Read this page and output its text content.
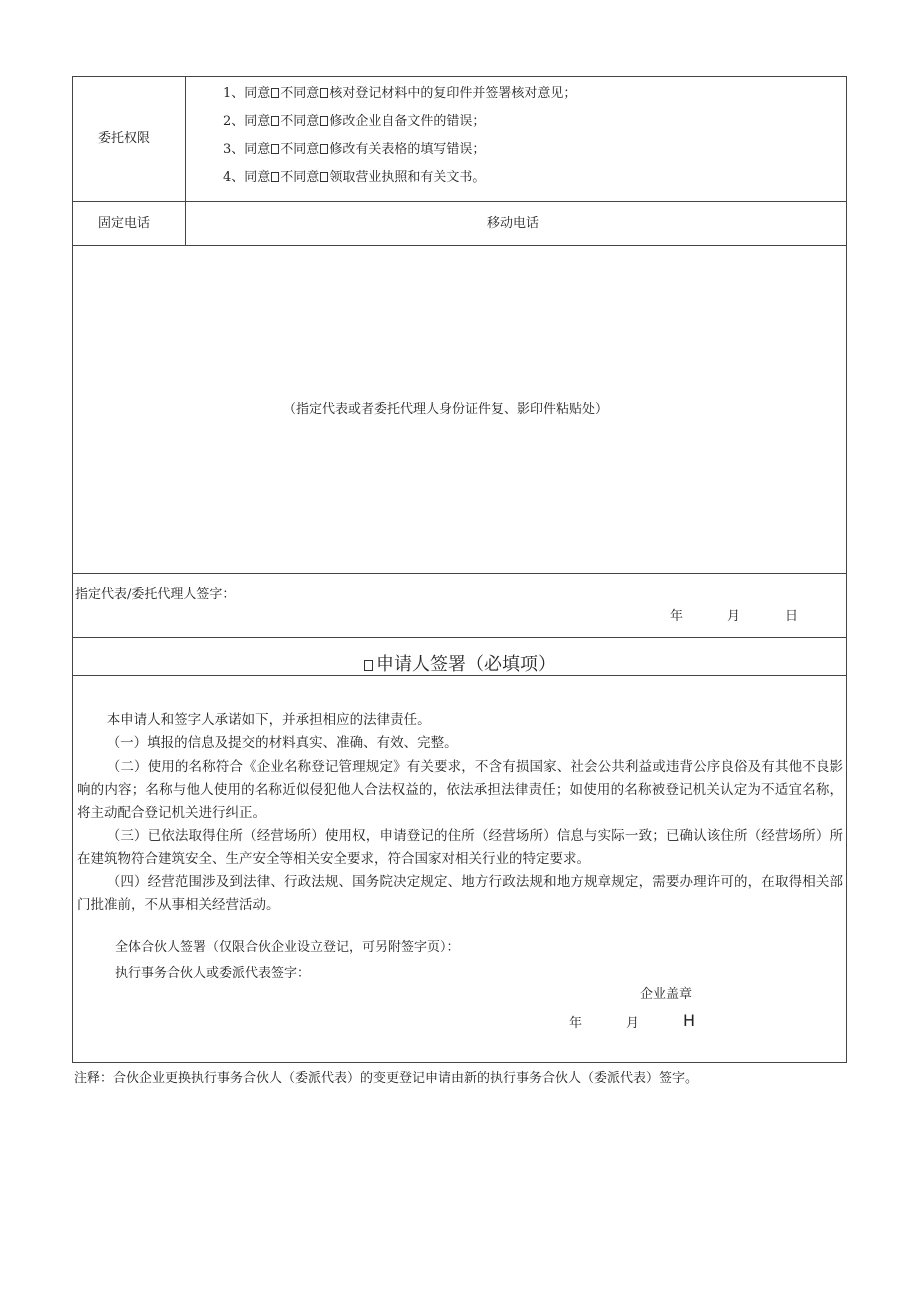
委托权限
1、同意 不同意 核对登记材料中的复印件并签署核对意见；
2、同意 不同意 修改企业自备文件的错误；
3、同意 不同意 修改有关表格的填写错误；
4、同意 不同意 领取营业执照和有关文书。
固定电话	移动电话
（指定代表或者委托代理人身份证件复、影印件粘贴处）
指定代表/委托代理人签字：
年	月	日
申请人签署（必填项）
本申请人和签字人承诺如下，并承担相应的法律责任。
（一）填报的信息及提交的材料真实、准确、有效、完整。
（二）使用的名称符合《企业名称登记管理规定》有关要求，不含有损国家、社会公共利益或违背公序良俗及有其他不良影响的内容；名称与他人使用的名称近似侵犯他人合法权益的，依法承担法律责任；如使用的名称被登记机关认定为不适宜名称，将主动配合登记机关进行纠正。
（三）已依法取得住所（经营场所）使用权，申请登记的住所（经营场所）信息与实际一致；已确认该住所（经营场所）所在建筑物符合建筑安全、生产安全等相关安全要求，符合国家对相关行业的特定要求。
（四）经营范围涉及到法律、行政法规、国务院决定规定、地方行政法规和地方规章规定，需要办理许可的，在取得相关部门批准前，不从事相关经营活动。
全体合伙人签署（仅限合伙企业设立登记，可另附签字页）：
执行事务合伙人或委派代表签字：
企业盖章
年	月	H
注释：合伙企业更换执行事务合伙人（委派代表）的变更登记申请由新的执行事务合伙人（委派代表）签字。
